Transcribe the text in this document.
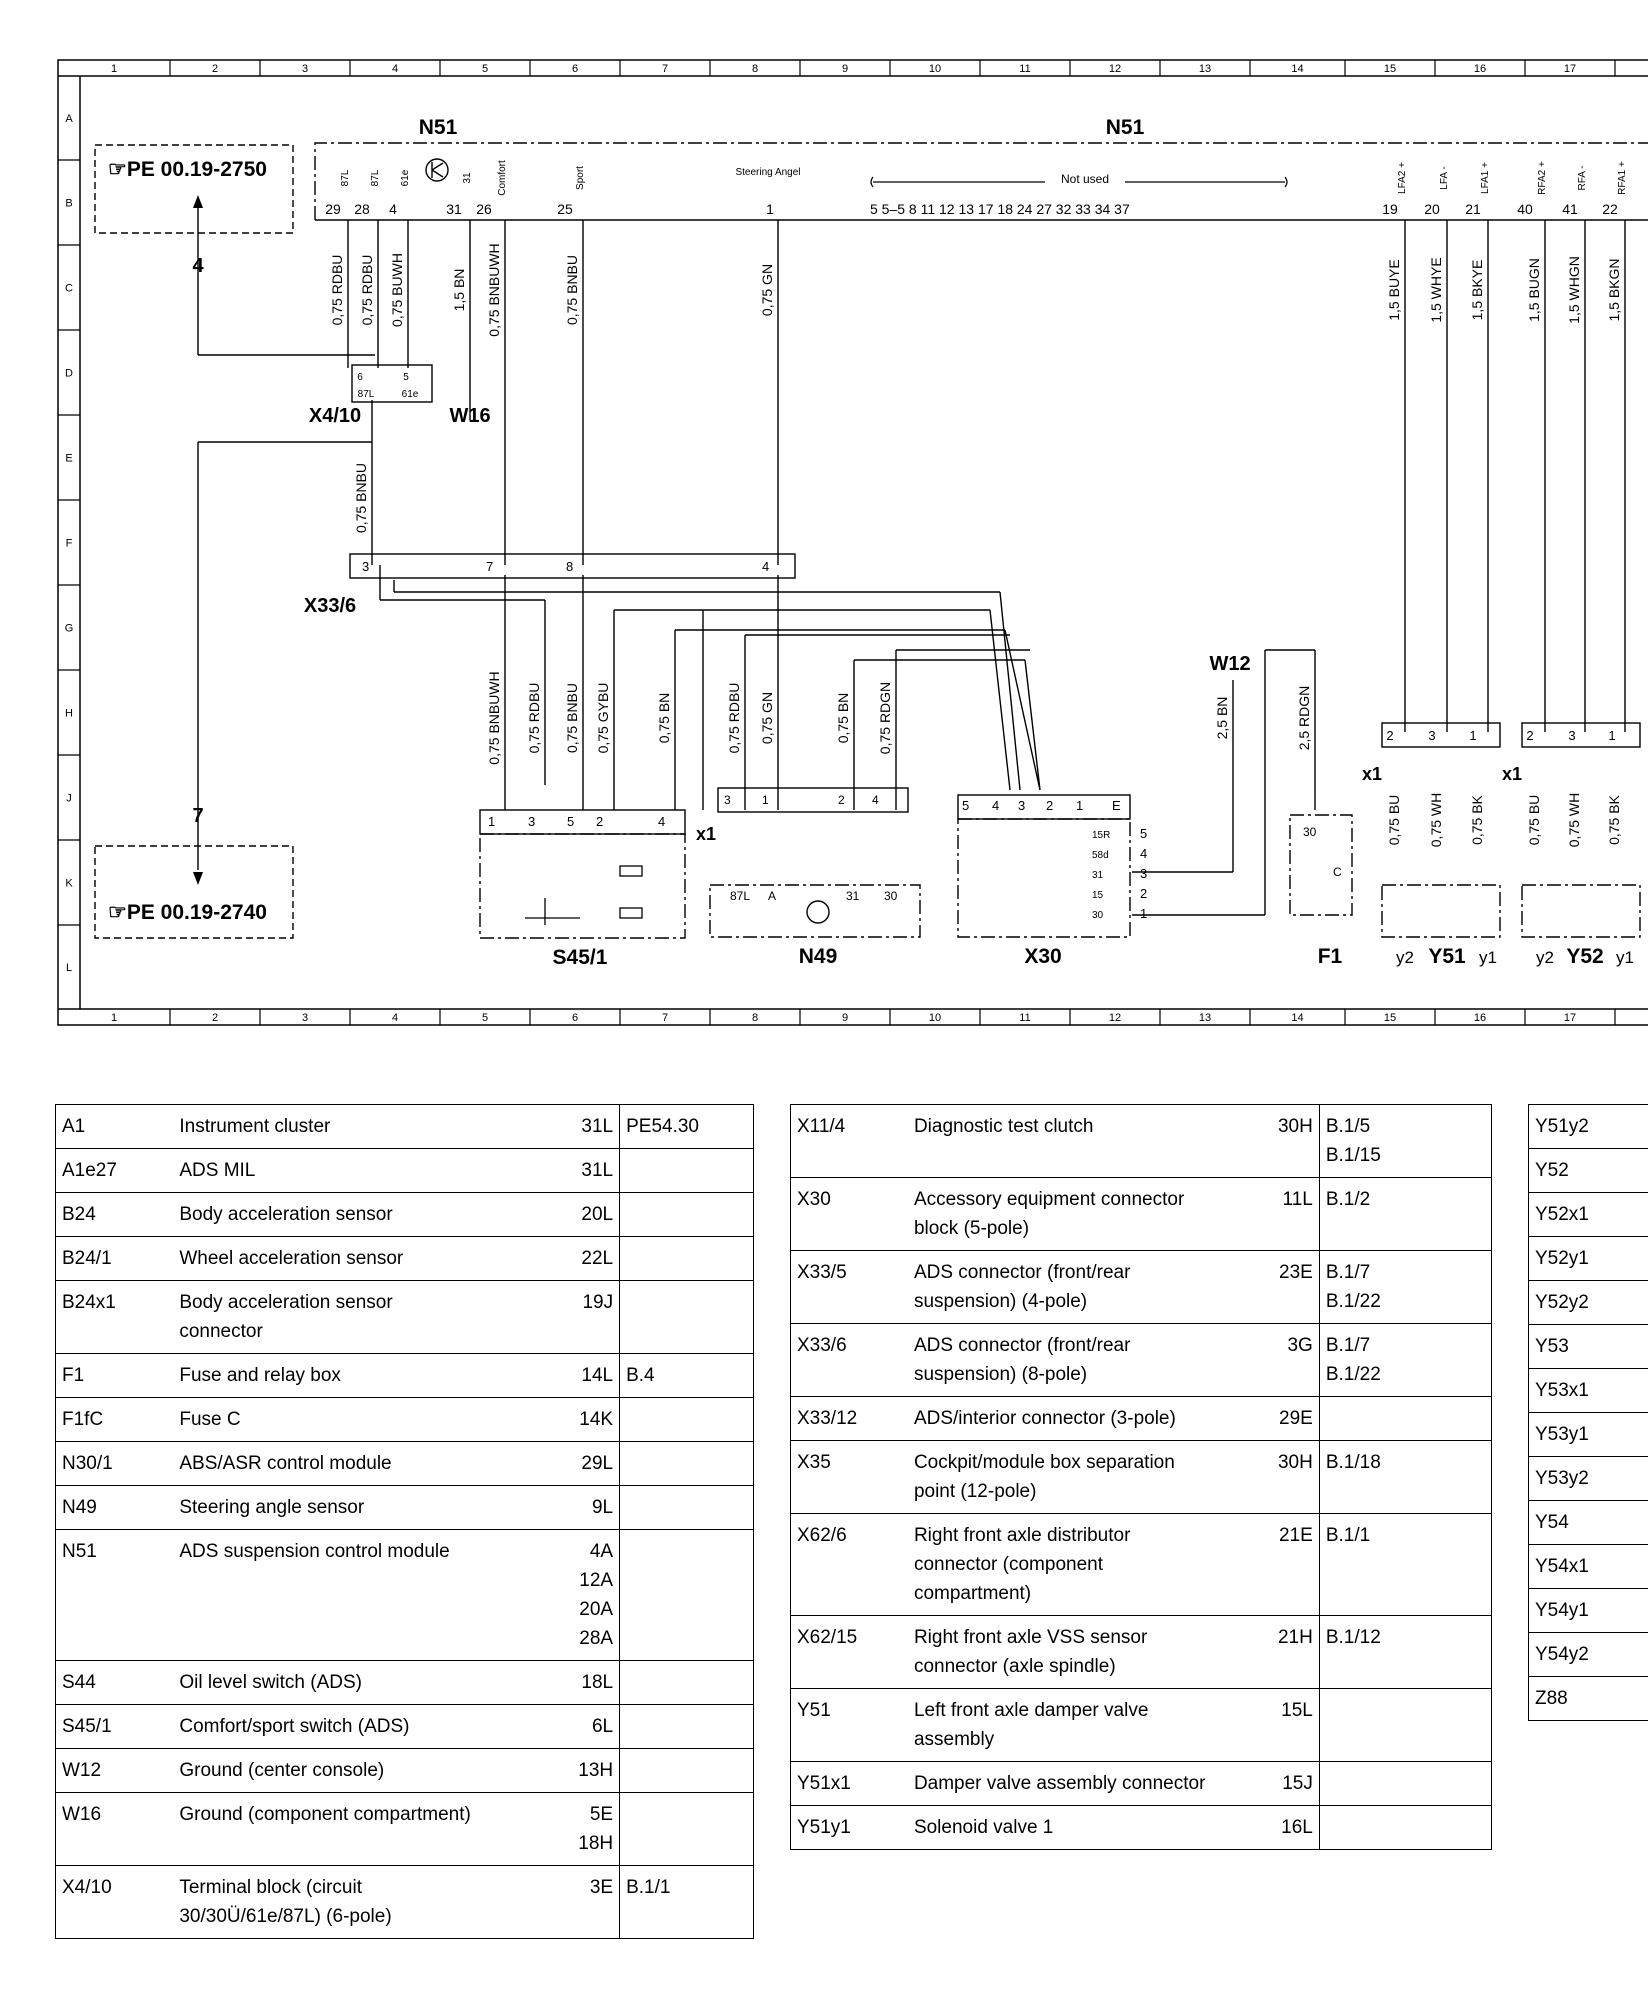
1
1
2
2
3
3
4
4
5
5
6
6
7
7
8
8
9
9
10
10
11
11
12
12
13
13
14
14
15
15
16
16
17
17
A
B
C
D
E
F
G
H
J
K
L
☞PE 00.19-2750
☞PE 00.19-2740
4
7
N51	N51
29 28 4	31 26	25
87L 87L 61e	31 Comfort	Sport	Not used
Steering Angel
1	5 5–5 8 11 12 13 17 18 24 27 32 33 34 37	19 20 21	40 41 22
LFA2 +	LFA -	LFA1 +	RFA2 +	RFA -	RFA1 +
0,75 RDBU 0,75 RDBU 0,75 BUWH	1,5 BN 0,75 BNBUWH	0,75 BNBU	0,75 GN	1,5 BUYE 1,5 WHYE 1,5 BKYE	1,5 BUGN 1,5 WHGN 1,5 BKGN
0,75 BNBU
0,75 BNBUWH 0,75 RDBU 0,75 BNBU 0,75 GYBU	0,75 BN	0,75 RDBU 0,75 GN	0,75 BN 0,75 RDGN	2,5 BN	2,5 RDGN
0,75 BU 0,75 WH 0,75 BK	0,75 BU 0,75 WH 0,75 BK
X4/10	W16
6
87L
5
61e
X33/6
3	7	8	4
S45/1
1	3 5 2	4
N49
x1
3	1	2 4
87L A	31 30
X30
5 4 3 2 1 E
15R 5
58d 4
31	3
15	2
30	1
W12
F1
30
C
x1	x1
Y51	Y52
2	3	1	2	3	1
y2	y1 y2	y1
A1	Instrument cluster	31L	PE54.30
A1e27	ADS MIL	31L	
B24	Body acceleration sensor	20L	
B24/1	Wheel acceleration sensor	22L	
B24x1	Body acceleration sensor
connector	19J	
F1	Fuse and relay box	14L	B.4
F1fC	Fuse C	14K	
N30/1	ABS/ASR control module	29L	
N49	Steering angle sensor	9L	
N51	ADS suspension control module	4A
12A
20A
28A	
S44	Oil level switch (ADS)	18L	
S45/1	Comfort/sport switch (ADS)	6L	
W12	Ground (center console)	13H	
W16	Ground (component compartment)	5E
18H	
X4/10	Terminal block (circuit
30/30Ü/61e/87L) (6-pole)	3E	B.1/1
X11/4	Diagnostic test clutch	30H	B.1/5
B.1/15
X30	Accessory equipment connector
block (5-pole)	11L	B.1/2
X33/5	ADS connector (front/rear
suspension) (4-pole)	23E	B.1/7
B.1/22
X33/6	ADS connector (front/rear
suspension) (8-pole)	3G	B.1/7
B.1/22
X33/12	ADS/interior connector (3-pole)	29E	
X35	Cockpit/module box separation
point (12-pole)	30H	B.1/18
X62/6	Right front axle distributor
connector (component
compartment)	21E	B.1/1
X62/15	Right front axle VSS sensor
connector (axle spindle)	21H	B.1/12
Y51	Left front axle damper valve
assembly	15L	
Y51x1	Damper valve assembly connector	15J	
Y51y1	Solenoid valve 1	16L	
Y51y2
Y52
Y52x1
Y52y1
Y52y2
Y53
Y53x1
Y53y1
Y53y2
Y54
Y54x1
Y54y1
Y54y2
Z88
